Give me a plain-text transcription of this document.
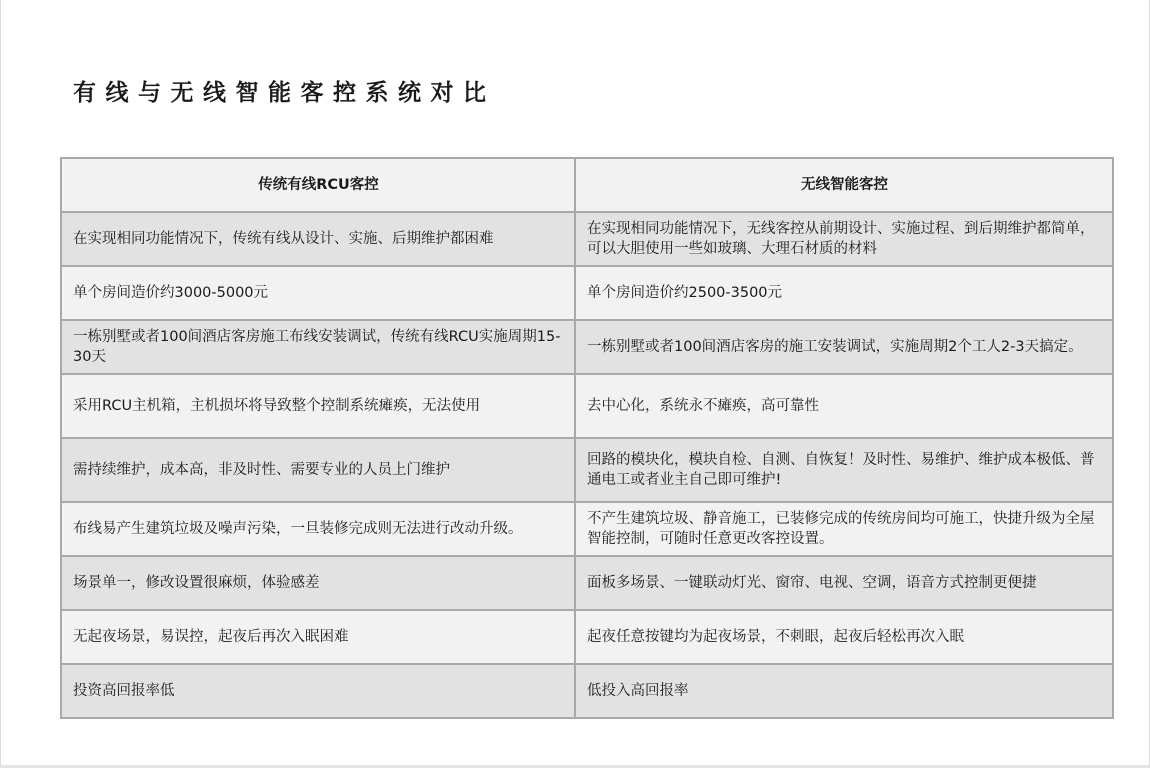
有线与无线智能客控系统对比
传统有线RCU客控	无线智能客控
在实现相同功能情况下，传统有线从设计、实施、后期维护都困难	在实现相同功能情况下，无线客控从前期设计、实施过程、到后期维护都简单，可以大胆使用一些如玻璃、大理石材质的材料
单个房间造价约3000-5000元	单个房间造价约2500-3500元
一栋别墅或者100间酒店客房施工布线安装调试，传统有线RCU实施周期15-30天	一栋别墅或者100间酒店客房的施工安装调试，实施周期2个工人2-3天搞定。
采用RCU主机箱，主机损坏将导致整个控制系统瘫痪，无法使用	去中心化，系统永不瘫痪，高可靠性
需持续维护，成本高，非及时性、需要专业的人员上门维护	回路的模块化，模块自检、自测、自恢复！及时性、易维护、维护成本极低、普通电工或者业主自己即可维护!
布线易产生建筑垃圾及噪声污染，一旦装修完成则无法进行改动升级。	不产生建筑垃圾、静音施工，已装修完成的传统房间均可施工，快捷升级为全屋智能控制，可随时任意更改客控设置。
场景单一，修改设置很麻烦，体验感差	面板多场景、一键联动灯光、窗帘、电视、空调，语音方式控制更便捷
无起夜场景，易误控，起夜后再次入眠困难	起夜任意按键均为起夜场景，不刺眼，起夜后轻松再次入眠
投资高回报率低	低投入高回报率
